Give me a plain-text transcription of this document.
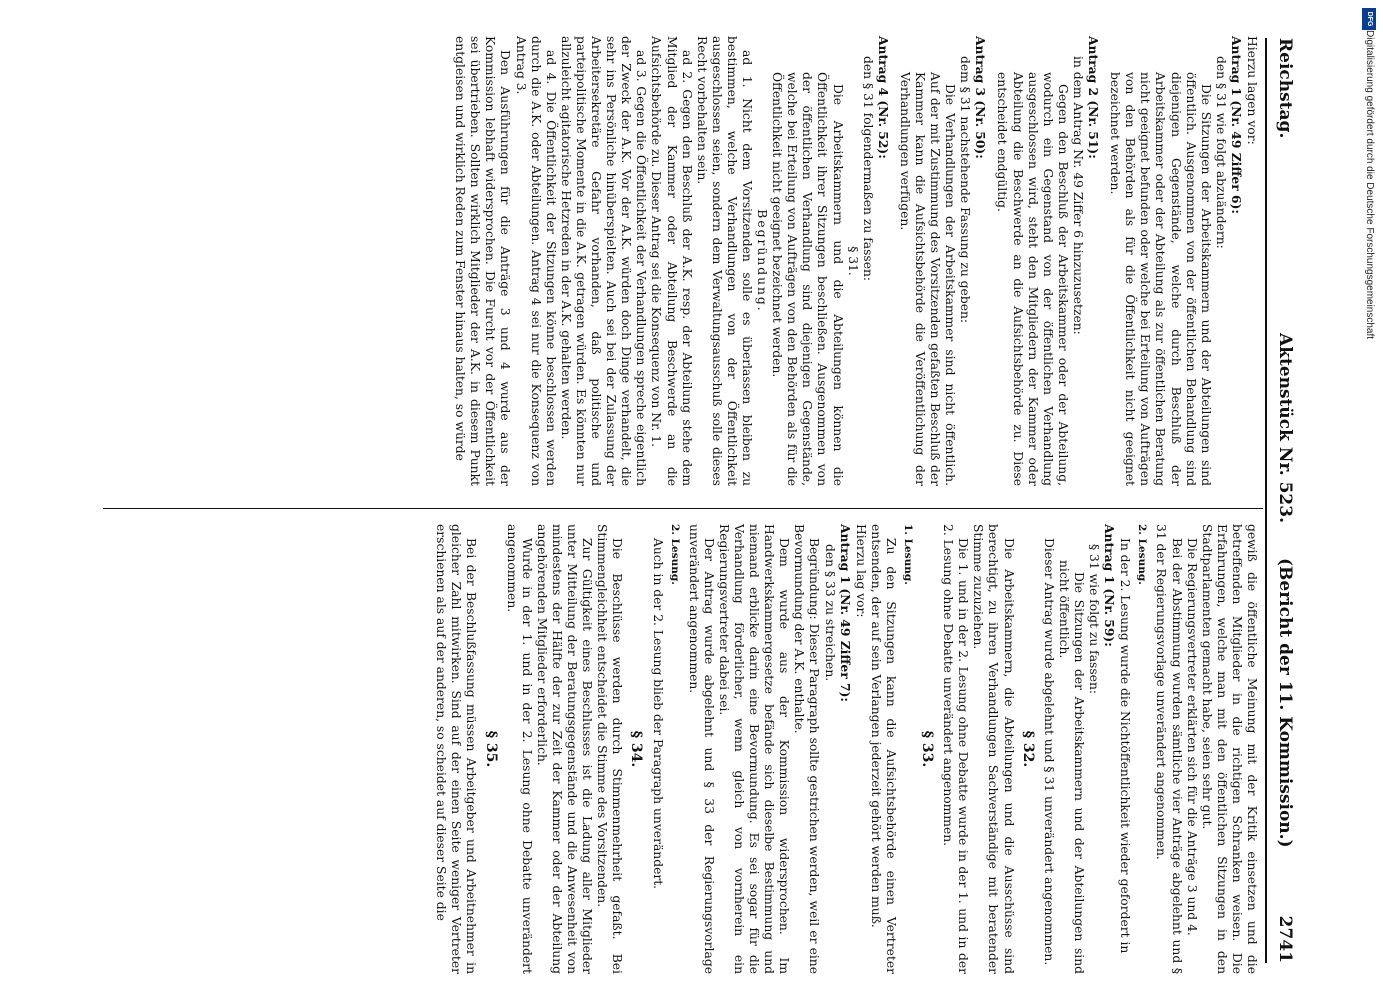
Reichstag.
Aktenstück Nr. 523.
(Bericht der 11. Kommission.)
2741

Hierzu lagen vor:

Antrag 1 (Nr. 49 Ziffer 6):

den § 31 wie folgt abzuändern:

Die Sitzungen der Arbeitskammern und der Abteilungen sind öffentlich. Ausgenommen von der öffentlichen Behandlung sind diejenigen Gegenstände, welche durch Beschluß der Arbeitskammer oder der Abteilung als zur öffentlichen Beratung nicht geeignet befunden oder welche bei Erteilung von Aufträgen von den Behörden als für die Öffentlichkeit nicht geeignet bezeichnet werden.

Antrag 2 (Nr. 51):

in dem Antrag Nr. 49 Ziffer 6 hinzuzusetzen:

Gegen den Beschluß der Arbeitskammer oder der Abteilung, wodurch ein Gegenstand von der öffentlichen Verhandlung ausgeschlossen wird, steht den Mitgliedern der Kammer oder Abteilung die Beschwerde an die Aufsichtsbehörde zu. Diese entscheidet endgültig.

Antrag 3 (Nr. 50):

dem § 31 nachstehende Fassung zu geben:

Die Verhandlungen der Arbeitskammer sind nicht öffentlich. Auf der mit Zustimmung des Vorsitzenden gefaßten Beschluß der Kammer kann die Aufsichtsbehörde die Veröffentlichung der Verhandlungen verfügen.

Antrag 4 (Nr. 52):

den § 31 folgendermaßen zu fassen:

§ 31.

Die Arbeitskammern und die Abteilungen können die Öffentlichkeit ihrer Sitzungen beschließen. Ausgenommen von der öffentlichen Verhandlung sind diejenigen Gegenstände, welche bei Erteilung von Aufträgen von den Behörden als für die Öffentlichkeit nicht geeignet bezeichnet werden.

Begründung.

ad 1. Nicht dem Vorsitzenden solle es überlassen bleiben zu bestimmen, welche Verhandlungen von der Öffentlichkeit ausgeschlossen seien, sondern dem Verwaltungsausschuß solle dieses Recht vorbehalten sein.

ad 2. Gegen den Beschluß der A.K. resp. der Abteilung stehe dem Mitglied der Kammer oder Abteilung Beschwerde an die Aufsichtsbehörde zu. Dieser Antrag sei die Konsequenz von Nr. 1.

ad 3. Gegen die Öffentlichkeit der Verhandlungen spreche eigentlich der Zweck der A.K. Vor der A.K. würden doch Dinge verhandelt, die sehr ins Persönliche hinüberspielten. Auch sei bei der Zulassung der Arbeitersekretäre Gefahr vorhanden, daß politische und parteipolitische Momente in die A.K. getragen würden. Es könnten nur allzuleicht agitatorische Hetzreden in der A.K. gehalten werden.

ad 4. Die Öffentlichkeit der Sitzungen könne beschlossen werden durch die A.K. oder Abteilungen. Antrag 4 sei nur die Konsequenz von Antrag 3.

Den Ausführungen für die Anträge 3 und 4 wurde aus der Kommission lebhaft widersprochen. Die Furcht vor der Öffentlichkeit sei übertrieben. Sollten wirklich Mitglieder der A.K. in diesem Punkt entgleisen und wirklich Reden zum Fenster hinaus halten, so würde

gewiß die öffentliche Meinung mit der Kritik einsetzen und die betreffenden Mitglieder in die richtigen Schranken weisen. Die Erfahrungen, welche man mit den öffentlichen Sitzungen in den Stadtparlamenten gemacht habe, seien sehr gut.

Die Regierungsvertreter erklärten sich für die Anträge 3 und 4.

Bei der Abstimmung wurden sämtliche vier Anträge abgelehnt und § 31 der Regierungsvorlage unverändert angenommen.

2. Lesung.

In der 2. Lesung wurde die Nichtöffentlichkeit wieder gefordert in

Antrag 1 (Nr. 59):

§ 31 wie folgt zu fassen:

Die Sitzungen der Arbeitskammern und der Abteilungen sind nicht öffentlich.

Dieser Antrag wurde abgelehnt und § 31 unverändert angenommen.

§ 32.

Die Arbeitskammern, die Abteilungen und die Ausschüsse sind berechtigt, zu ihren Verhandlungen Sachverständige mit beratender Stimme zuzuziehen.

Die 1. und in der 2. Lesung ohne Debatte wurde in der 1. und in der 2. Lesung ohne Debatte unverändert angenommen.

§ 33.

1. Lesung.

Zu den Sitzungen kann die Aufsichtsbehörde einen Vertreter entsenden, der auf sein Verlangen jederzeit gehört werden muß.

Hierzu lag vor:

Antrag 1 (Nr. 49 Ziffer 7):

den § 33 zu streichen.

Begründung: Dieser Paragraph sollte gestrichen werden, weil er eine Bevormundung der A.K. enthalte.

Dem wurde aus der Kommission widersprochen. Im Handwerkskammergesetze befände sich dieselbe Bestimmung und niemand erblicke darin eine Bevormundung. Es sei sogar für die Verhandlung förderlicher, wenn gleich von vornherein ein Regierungsvertreter dabei sei.

Der Antrag wurde abgelehnt und § 33 der Regierungsvorlage unverändert angenommen.

2. Lesung.

Auch in der 2. Lesung blieb der Paragraph unverändert.

§ 34.

Die Beschlüsse werden durch Stimmenmehrheit gefaßt. Bei Stimmengleichheit entscheidet die Stimme des Vorsitzenden.

Zur Gültigkeit eines Beschlusses ist die Ladung aller Mitglieder unter Mitteilung der Beratungsgegenstände und die Anwesenheit von mindestens der Hälfte der zur Zeit der Kammer oder der Abteilung angehörenden Mitglieder erforderlich.

Wurde in der 1. und in der 2. Lesung ohne Debatte unverändert angenommen.

§ 35.

Bei der Beschlußfassung müssen Arbeitgeber und Arbeitnehmer in gleicher Zahl mitwirken. Sind auf der einen Seite weniger Vertreter erschienen als auf der anderen, so scheidet auf dieser Seite die

DFG
Digitalisierung gefördert durch die Deutsche Forschungsgemeinschaft
